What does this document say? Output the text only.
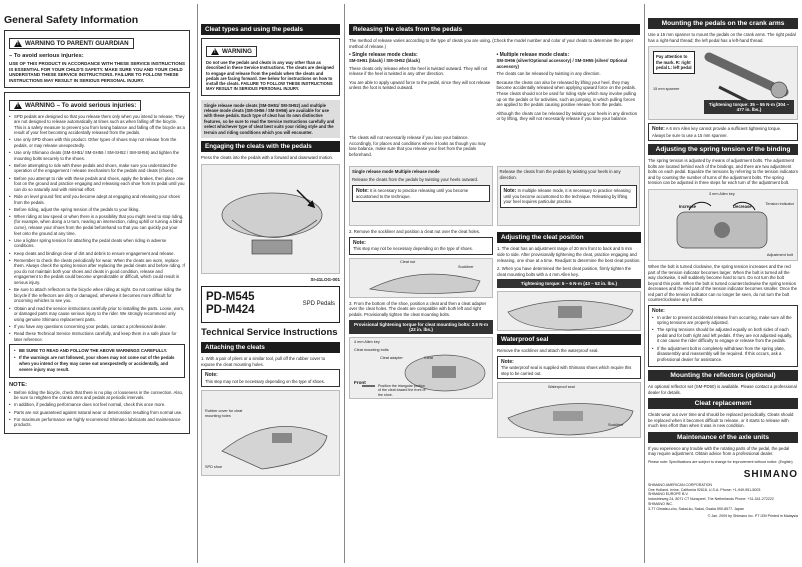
General Safety Information
!
WARNING TO PARENT/ GUARDIAN
– To avoid serious injuries:
USE OF THIS PRODUCT IN ACCORDANCE WITH THESE SERVICE INSTRUCTIONS IS ESSENTIAL FOR YOUR CHILD'S SAFETY. MAKE SURE YOU AND YOUR CHILD UNDERSTAND THESE SERVICE INSTRUCTIONS. FAILURE TO FOLLOW THESE INSTRUCTIONS MAY RESULT IN SERIOUS PERSONAL INJURY.
!
WARNING – To avoid serious injuries:
• SPD pedals are designed so that you release them only when you intend to release. They are not designed to release automatically at times such as when falling off the bicycle. This is a safety measure to prevent you from losing balance and falling off the bicycle as a result of your feet becoming accidentally released from the pedals.
• Use only SPD shoes with this product. Other types of shoes may not release from the pedals, or may release unexpectedly.
• Use only Shimano cleats (SM-SH51/ SM-SH56 / SM-SH52 / SM-SH56) and tighten the mounting bolts securely to the shoes.
• Before attempting to ride with these pedals and shoes, make sure you understand the operation of the engagement / release mechanism for the pedals and cleats (shoes).
• Before you attempt to ride with these pedals and shoes, apply the brakes, then place one foot on the ground and practice engaging and releasing each shoe from its pedal until you can do so naturally and with minimal effort.
• Ride on level ground first until you become adept at engaging and releasing your shoes from the pedals.
• Before riding, adjust the spring tension of the pedals to your liking.
• When riding at low speed or when there is a possibility that you might need to stop riding, (for example, when doing a U-turn, nearing an intersection, riding uphill or turning a blind curve), release your shoes from the pedal beforehand so that you can quickly put your feet onto the ground at any time.
• Use a lighter spring tension for attaching the pedal cleats when riding in adverse conditions.
• Keep cleats and bindings clear of dirt and debris to ensure engagement and release.
• Remember to check the cleats periodically for wear. When the cleats are worn, replace them. Always check the spring tension after replacing the pedal cleats and before riding. If you do not maintain both your shoes and cleats in good condition, release and engagement to the pedals could become unpredictable or difficult, which could result in serious injury.
• Be sure to attach reflectors to the bicycle when riding at night. Do not continue riding the bicycle if the reflectors are dirty or damaged, otherwise it becomes more difficult for oncoming vehicles to see you.
• Obtain and read the service instructions carefully prior to installing the parts. Loose, worn, or damaged parts may cause serious injury to the rider. We strongly recommend only using genuine Shimano replacement parts.
• If you have any questions concerning your pedals, contact a professional dealer.
• Read these Technical Service Instructions carefully, and keep them in a safe place for later reference.
• BE SURE TO READ AND FOLLOW THE ABOVE WARNINGS CAREFULLY.
• If the warnings are not followed, your shoes may not come out of the pedals when you intend or they may come out unexpectedly or accidentally, and severe injury may result.
NOTE:
• Before riding the bicycle, check that there is no play or looseness in the connection. Also, be sure to retighten the cranks arms and pedals at periodic intervals.
• In addition, if pedaling performance does not feel normal, check this once more.
• Parts are not guaranteed against natural wear or deterioration resulting from normal use.
• For maximum performance we highly recommend Shimano lubricants and maintenance products.
Cleat types and using the pedals
!
WARNING
Do not use the pedals and cleats in any way other than as described in these Service Instructions. The cleats are designed to engage and release from the pedals when the cleats and pedals are facing forward. See below for instructions on how to install the cleats. FAILURE TO FOLLOW THESE INSTRUCTIONS MAY RESULT IN SERIOUS PERSONAL INJURY.
Single release mode cleats (SM-SH51/ SM-SH52) and multiple release mode cleats (SM-SH56 / SM-SH56) are available for use with these pedals. Each type of cleat has its own distinctive features, so be sure to read the Service Instructions carefully and select whichever type of cleat best suits your riding style and the terrain and riding conditions which you will encounter.
Engaging the cleats with the pedals
Press the cleats into the pedals with a forward and downward motion.
SI-41LOG-001
PD-M545
PD-M424	SPD Pedals
Technical Service Instructions
Attaching the cleats
1. With a pair of pliers or a similar tool, pull off the rubber cover to expose the cleat mounting holes.
Note:
This step may not be necessary depending on the type of shoes.
Rubber cover for cleat mounting holes
SPD shoe
Releasing the cleats from the pedals
The method of release varies according to the type of cleats you are using. (Check the model number and color of your cleats to determine the proper method of release.)
• Single release mode cleats:
SM-SH51 (black) / SM-SH52 (black)
These cleats only release when the heel is twisted outward. They will not release if the heel is twisted in any other direction.
You are able to apply upward force to the pedal, since they will not release unless the foot is twisted outward.
The cleats will not necessarily release if you lose your balance. Accordingly, for places and conditions where it looks as though you may lose balance, make sure that you release your feet from the pedals beforehand.
• Multiple release mode cleats:
SM-SH56 (silver/Optional accessory) / SM-SH55 (silver/ Optional accessory)
The cleats can be released by twisting in any direction.
Because the cleats can also be released by lifting your heel, they may become accidentally released when applying upward force on the pedals. These cleats should not be used for riding style which may involve pulling up on the pedals or for activities, such as jumping, in which pulling forces are applied to the pedals causing positive release from the pedals.
Although the cleats can be released by twisting your heels in any direction or by lifting, they will not necessarily release if you lose your balance.
Single release mode Multiple release mode
Release the cleats from the pedals by twisting your heels outward.
Note: It is necessary to practice releasing until you become accustomed to the technique.
Release the cleats from the pedals by twisting your heels in any direction.
Note: In multiple release mode, it is necessary to practice releasing until you become accustomed to the technique. Releasing by lifting your heel requires particular practice.
2. Remove the sockliner and position a cleat nut over the cleat holes.
Note:
This step may not be necessary depending on the type of shoes.
Cleat nut
Sockliner
3. From the bottom of the shoe, position a cleat and then a cleat adapter over the cleat holes. The cleats are compatible with both left and right pedals. Provisionally tighten the cleat mounting bolts.
Provisional tightening torque for cleat mounting bolts: 2.5 N·m {22 in. lbs.}
4 mm Allen key
Cleat mounting bolts
Cleat adapter	Cleat
Front
Position the triangular portion of the cleat toward the front of the shoe.
Adjusting the cleat position
1. The cleat has an adjustment range of 20 mm front to back and 5 mm side to side. After provisionally tightening the cleat, practice engaging and releasing, one shoe at a time. Readjust to determine the best cleat position.
2. When you have determined the best cleat position, firmly tighten the cleat mounting bolts with a 4 mm Allen key.
Tightening torque: 5 – 6 N·m {43 – 52 in. lbs.}
Waterproof seal
Remove the sockliner and attach the waterproof seal.
Note:
The waterproof seal is supplied with Shimano shoes which require this step to be carried out.
Waterproof seal
Sockliner
Mounting the pedals on the crank arms
Use a 15 mm spanner to mount the pedals on the crank arms. The right pedal has a right-hand thread; the left pedal has a left-hand thread.
Pay attention to the mark. R: right pedal L: left pedal
15 mm spanner
Tightening torque: 35 – 55 N·m {304 – 477 in. lbs.}
Note: A 6 mm Allen key cannot provide a sufficient tightening torque. Always be sure to use a 15 mm spanner.
Adjusting the spring tension of the binding
The spring tension is adjusted by means of adjustment bolts. The adjustment bolts are located behind each of the bindings, and there are two adjustment bolts on each pedal. Equalize the tensions by referring to the tension indicators and by counting the number of turns of the adjustment bolts. The spring tension can be adjusted in three steps for each turn of the adjustment bolt.
3 mm Allen key
Tension indicator
Increase	Decrease
Adjustment bolt
When the bolt is turned clockwise, the spring tension increases and the red part of the tension indicator becomes larger. When the bolt is turned all the way clockwise, it will suddenly become hard to turn. Do not turn the bolt beyond this point. When the bolt is turned counterclockwise the spring tension decreases and the red part of the tension indicator becomes smaller. Once the red part of the tension indicator can no longer be seen, do not turn the bolt counterclockwise any further.
Note:
• In order to prevent accidental release from occurring, make sure all the spring tensions are properly adjusted.
• The spring tensions should be adjusted equally on both sides of each pedal and for both right and left pedals. If they are not adjusted equally, it can cause the rider difficulty to engage or release from the pedals.
• If the adjustment bolt is completely withdrawn from the spring plate, disassembly and reassembly will be required. If this occurs, ask a professional dealer for assistance.
Mounting the reflectors (optional)
An optional reflector set (SM-PD60) is available. Please contact a professional dealer for details.
Cleat replacement
Cleats wear out over time and should be replaced periodically. Cleats should be replaced when it becomes difficult to release, or it starts to release with much less effort than when it was in new condition.
Maintenance of the axle units
If you experience any trouble with the rotating parts of the pedal, the pedal may require adjustment. Obtain advice from a professional dealer.
Please note: Specifications are subject to change for improvement without notice. (English)
SHIMANO
SHIMANO AMERICAN CORPORATION
One Holland, Irvine, California 92618, U.S.A. Phone: +1-949-951-5003
SHIMANO EUROPE B.V.
Industrieweg 24, 8071 CT Nunspeet, The Netherlands Phone: +31-341-272222
SHIMANO INC.
3-77 Oimatsu-cho, Sakai-ku, Sakai, Osaka 590-8577, Japan
© Jan. 2009 by Shimano Inc. PT IZM Printed in Malaysia
